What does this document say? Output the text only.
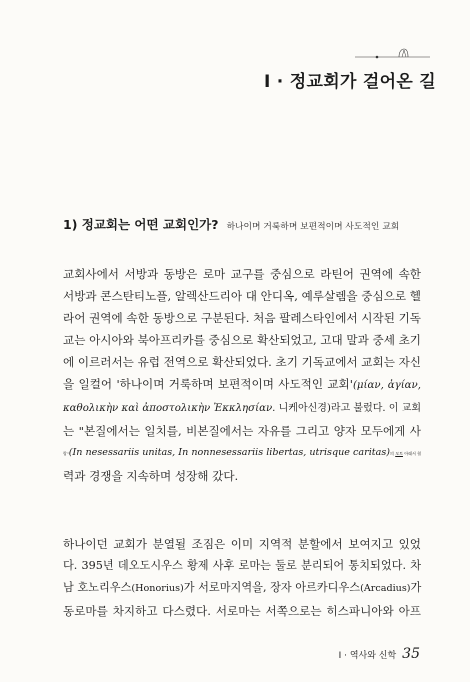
I · 정교회가 걸어온 길
1) 정교회는 어떤 교회인가? 하나이며 거룩하며 보편적이며 사도적인 교회
교회사에서 서방과 동방은 로마 교구를 중심으로 라틴어 권역에 속한
서방과 콘스탄티노플, 알렉산드리아 대 안디옥, 예루살렘을 중심으로 헬
라어 권역에 속한 동방으로 구분된다. 처음 팔레스타인에서 시작된 기독
교는 아시아와 북아프리카를 중심으로 확산되었고, 고대 말과 중세 초기
에 이르러서는 유럽 전역으로 확산되었다. 초기 기독교에서 교회는 자신
을 일컬어 '하나이며 거룩하며 보편적이며 사도적인 교회'(μίαν, ἁγίαν,
καθολικὴν καὶ ἀποστολικὴν Ἐκκλησίαν. 니케아신경)라고 불렀다. 이 교회
는 "본질에서는 일치를, 비본질에서는 자유를 그리고 양자 모두에게 사
랑"(In nesessariis unitas, In nonnesessariis libertas, utrisque caritas)의 모토 아래서 협
력과 경쟁을 지속하며 성장해 갔다.
하나이던 교회가 분열될 조짐은 이미 지역적 분할에서 보여지고 있었
다. 395년 데오도시우스 황제 사후 로마는 둘로 분리되어 통치되었다. 차
남 호노리우스(Honorius)가 서로마지역을, 장자 아르카디우스(Arcadius)가
동로마를 차지하고 다스렸다. 서로마는 서쪽으로는 히스파니아와 아프
I · 역사와 신학 35
